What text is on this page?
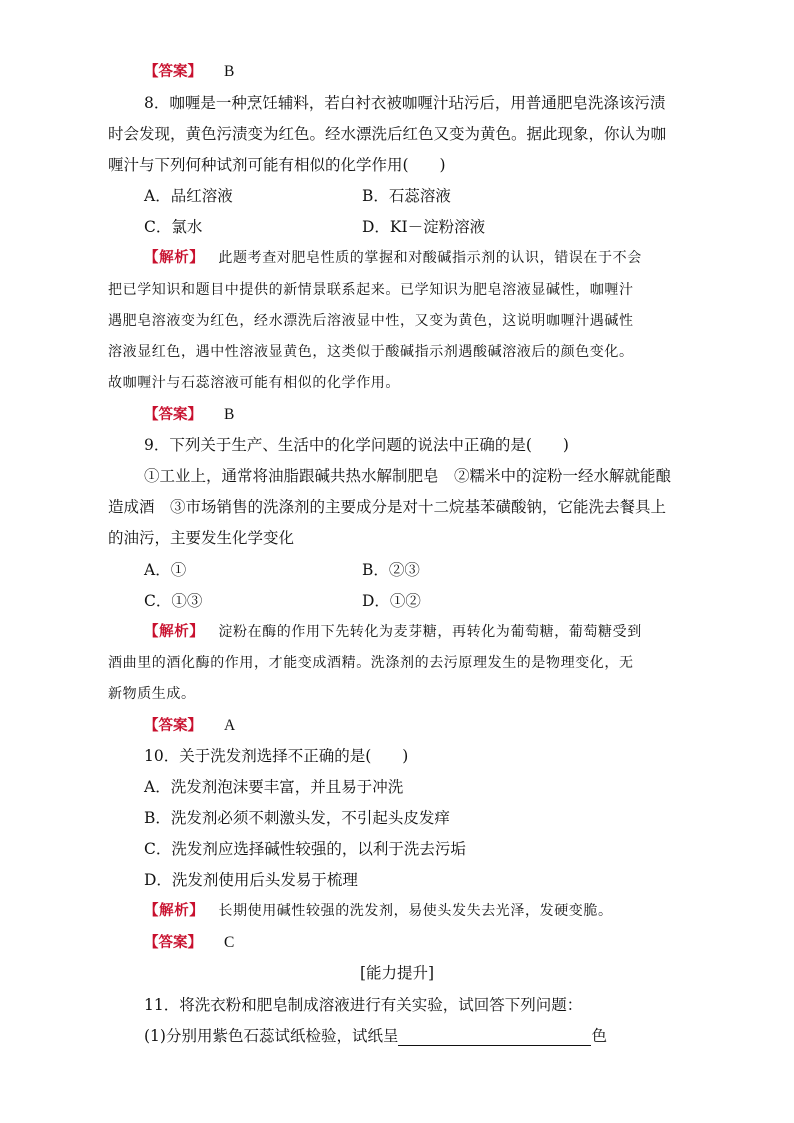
【答案】 B
8．咖喱是一种烹饪辅料，若白衬衣被咖喱汁玷污后，用普通肥皂洗涤该污渍
时会发现，黄色污渍变为红色。经水漂洗后红色又变为黄色。据此现象，你认为咖
喱汁与下列何种试剂可能有相似的化学作用(　　)
A．品红溶液	B．石蕊溶液
C．氯水	D．KI－淀粉溶液
【解析】 此题考查对肥皂性质的掌握和对酸碱指示剂的认识，错误在于不会
把已学知识和题目中提供的新情景联系起来。已学知识为肥皂溶液显碱性，咖喱汁
遇肥皂溶液变为红色，经水漂洗后溶液显中性，又变为黄色，这说明咖喱汁遇碱性
溶液显红色，遇中性溶液显黄色，这类似于酸碱指示剂遇酸碱溶液后的颜色变化。
故咖喱汁与石蕊溶液可能有相似的化学作用。
【答案】 B
9．下列关于生产、生活中的化学问题的说法中正确的是(　　)
①工业上，通常将油脂跟碱共热水解制肥皂　②糯米中的淀粉一经水解就能酿
造成酒　③市场销售的洗涤剂的主要成分是对十二烷基苯磺酸钠，它能洗去餐具上
的油污，主要发生化学变化
A．①	B．②③
C．①③	D．①②
【解析】 淀粉在酶的作用下先转化为麦芽糖，再转化为葡萄糖，葡萄糖受到
酒曲里的酒化酶的作用，才能变成酒精。洗涤剂的去污原理发生的是物理变化，无
新物质生成。
【答案】 A
10．关于洗发剂选择不正确的是(　　)
A．洗发剂泡沫要丰富，并且易于冲洗
B．洗发剂必须不刺激头发，不引起头皮发痒
C．洗发剂应选择碱性较强的，以利于洗去污垢
D．洗发剂使用后头发易于梳理
【解析】 长期使用碱性较强的洗发剂，易使头发失去光泽，发硬变脆。
【答案】 C
[能力提升]
11．将洗衣粉和肥皂制成溶液进行有关实验，试回答下列问题：
(1)分别用紫色石蕊试纸检验，试纸呈	色
